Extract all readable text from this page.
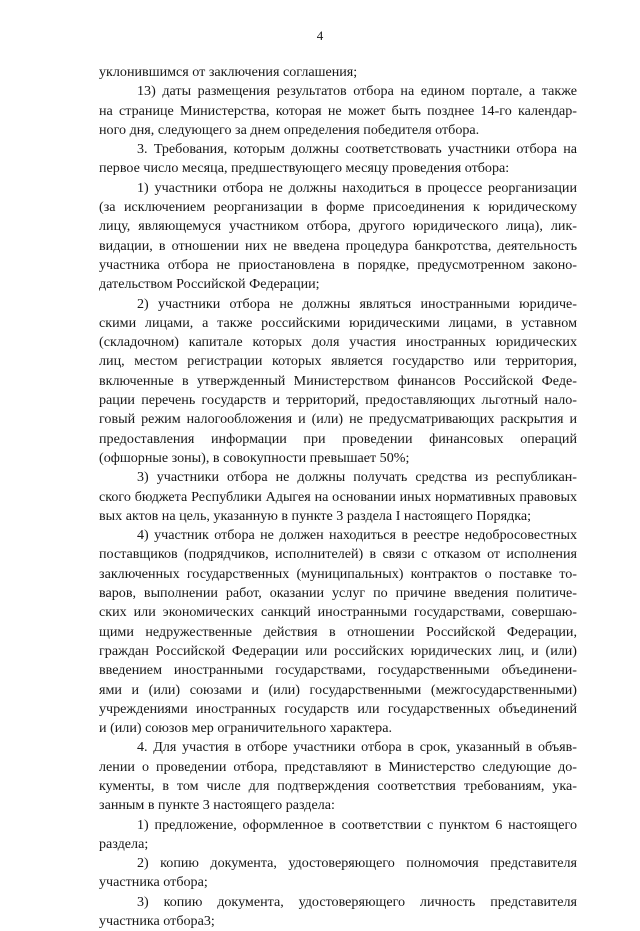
4
уклонившимся от заключения соглашения;
13) даты размещения результатов отбора на едином портале, а также
на странице Министерства, которая не может быть позднее 14-го календар-
ного дня, следующего за днем определения победителя отбора.
3. Требования, которым должны соответствовать участники отбора на
первое число месяца, предшествующего месяцу проведения отбора:
1) участники отбора не должны находиться в процессе реорганизации
(за исключением реорганизации в форме присоединения к юридическому
лицу, являющемуся участником отбора, другого юридического лица), лик-
видации, в отношении них не введена процедура банкротства, деятельность
участника отбора не приостановлена в порядке, предусмотренном законо-
дательством Российской Федерации;
2) участники отбора не должны являться иностранными юридиче-
скими лицами, а также российскими юридическими лицами, в уставном
(складочном) капитале которых доля участия иностранных юридических
лиц, местом регистрации которых является государство или территория,
включенные в утвержденный Министерством финансов Российской Феде-
рации перечень государств и территорий, предоставляющих льготный нало-
говый режим налогообложения и (или) не предусматривающих раскрытия и
предоставления информации при проведении финансовых операций
(офшорные зоны), в совокупности превышает 50%;
3) участники отбора не должны получать средства из республикан-
ского бюджета Республики Адыгея на основании иных нормативных правовых
вых актов на цель, указанную в пункте 3 раздела I настоящего Порядка;
4) участник отбора не должен находиться в реестре недобросовестных
поставщиков (подрядчиков, исполнителей) в связи с отказом от исполнения
заключенных государственных (муниципальных) контрактов о поставке то-
варов, выполнении работ, оказании услуг по причине введения политиче-
ских или экономических санкций иностранными государствами, совершаю-
щими недружественные действия в отношении Российской Федерации,
граждан Российской Федерации или российских юридических лиц, и (или)
введением иностранными государствами, государственными объединени-
ями и (или) союзами и (или) государственными (межгосударственными)
учреждениями иностранных государств или государственных объединений
и (или) союзов мер ограничительного характера.
4. Для участия в отборе участники отбора в срок, указанный в объяв-
лении о проведении отбора, представляют в Министерство следующие до-
кументы, в том числе для подтверждения соответствия требованиям, ука-
занным в пункте 3 настоящего раздела:
1) предложение, оформленное в соответствии с пунктом 6 настоящего
раздела;
2) копию документа, удостоверяющего полномочия представителя
участника отбора;
3) копию документа, удостоверяющего личность представителя
участника отбора3;
